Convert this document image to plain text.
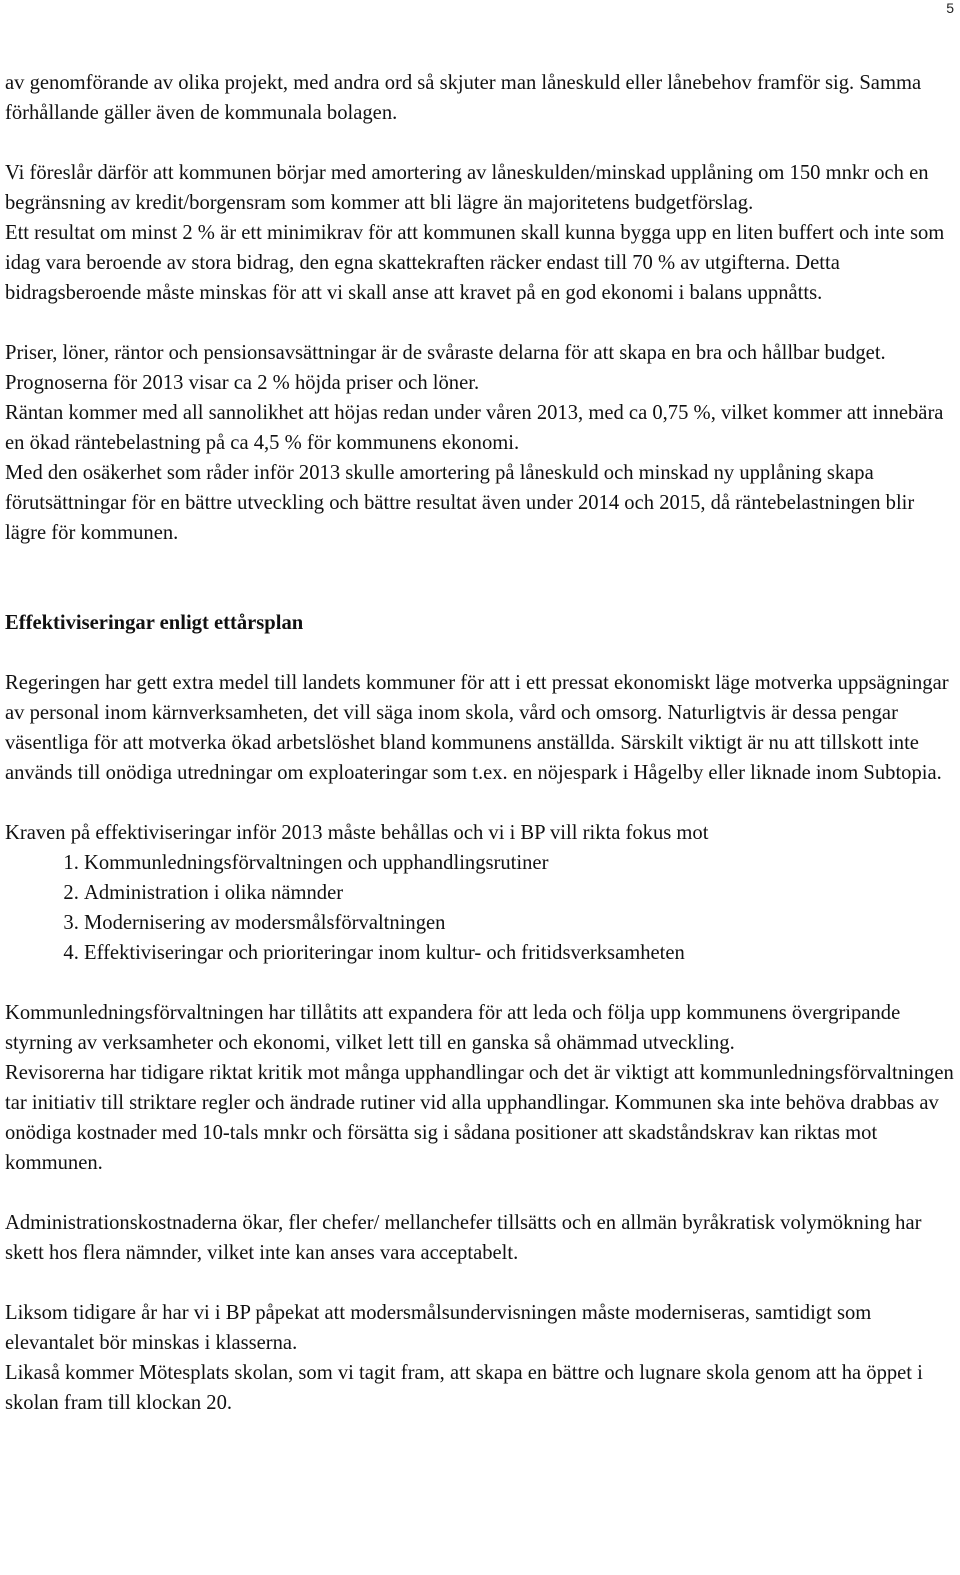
5

av genomförande av olika projekt, med andra ord så skjuter man låneskuld eller lånebehov framför sig. Samma förhållande gäller även de kommunala bolagen.

Vi föreslår därför att kommunen börjar med amortering av låneskulden/minskad upplåning om 150 mnkr och en begränsning av kredit/borgensram som kommer att bli lägre än majoritetens budgetförslag.

Ett resultat om minst 2 % är ett minimikrav för att kommunen skall kunna bygga upp en liten buffert och inte som idag vara beroende av stora bidrag, den egna skattekraften räcker endast till 70 % av utgifterna. Detta bidragsberoende måste minskas för att vi skall anse att kravet på en god ekonomi i balans uppnåtts.

Priser, löner, räntor och pensionsavsättningar är de svåraste delarna för att skapa en bra och hållbar budget. Prognoserna för 2013 visar ca 2 % höjda priser och löner.

Räntan kommer med all sannolikhet att höjas redan under våren 2013, med ca 0,75 %, vilket kommer att innebära en ökad räntebelastning på ca 4,5 % för kommunens ekonomi.

Med den osäkerhet som råder inför 2013 skulle amortering på låneskuld och minskad ny upplåning skapa förutsättningar för en bättre utveckling och bättre resultat även under 2014 och 2015, då räntebelastningen blir lägre för kommunen.

Effektiviseringar enligt ettårsplan

Regeringen har gett extra medel till landets kommuner för att i ett pressat ekonomiskt läge motverka uppsägningar av personal inom kärnverksamheten, det vill säga inom skola, vård och omsorg. Naturligtvis är dessa pengar väsentliga för att motverka ökad arbetslöshet bland kommunens anställda. Särskilt viktigt är nu att tillskott inte används till onödiga utredningar om exploateringar som t.ex. en nöjespark i Hågelby eller liknade inom Subtopia.

Kraven på effektiviseringar inför 2013 måste behållas och vi i BP vill rikta fokus mot

1. Kommunledningsförvaltningen och upphandlingsrutiner
2. Administration i olika nämnder
3. Modernisering av modersmålsförvaltningen
4. Effektiviseringar och prioriteringar inom kultur- och fritidsverksamheten

Kommunledningsförvaltningen har tillåtits att expandera för att leda och följa upp kommunens övergripande styrning av verksamheter och ekonomi, vilket lett till en ganska så ohämmad utveckling.

Revisorerna har tidigare riktat kritik mot många upphandlingar och det är viktigt att kommunledningsförvaltningen tar initiativ till striktare regler och ändrade rutiner vid alla upphandlingar. Kommunen ska inte behöva drabbas av onödiga kostnader med 10-tals mnkr och försätta sig i sådana positioner att skadståndskrav kan riktas mot kommunen.

Administrationskostnaderna ökar, fler chefer/ mellanchefer tillsätts och en allmän byråkratisk volymökning har skett hos flera nämnder, vilket inte kan anses vara acceptabelt.

Liksom tidigare år har vi i BP påpekat att modersmålsundervisningen måste moderniseras, samtidigt som elevantalet bör minskas i klasserna.

Likaså kommer Mötesplats skolan, som vi tagit fram, att skapa en bättre och lugnare skola genom att ha öppet i skolan fram till klockan 20.
